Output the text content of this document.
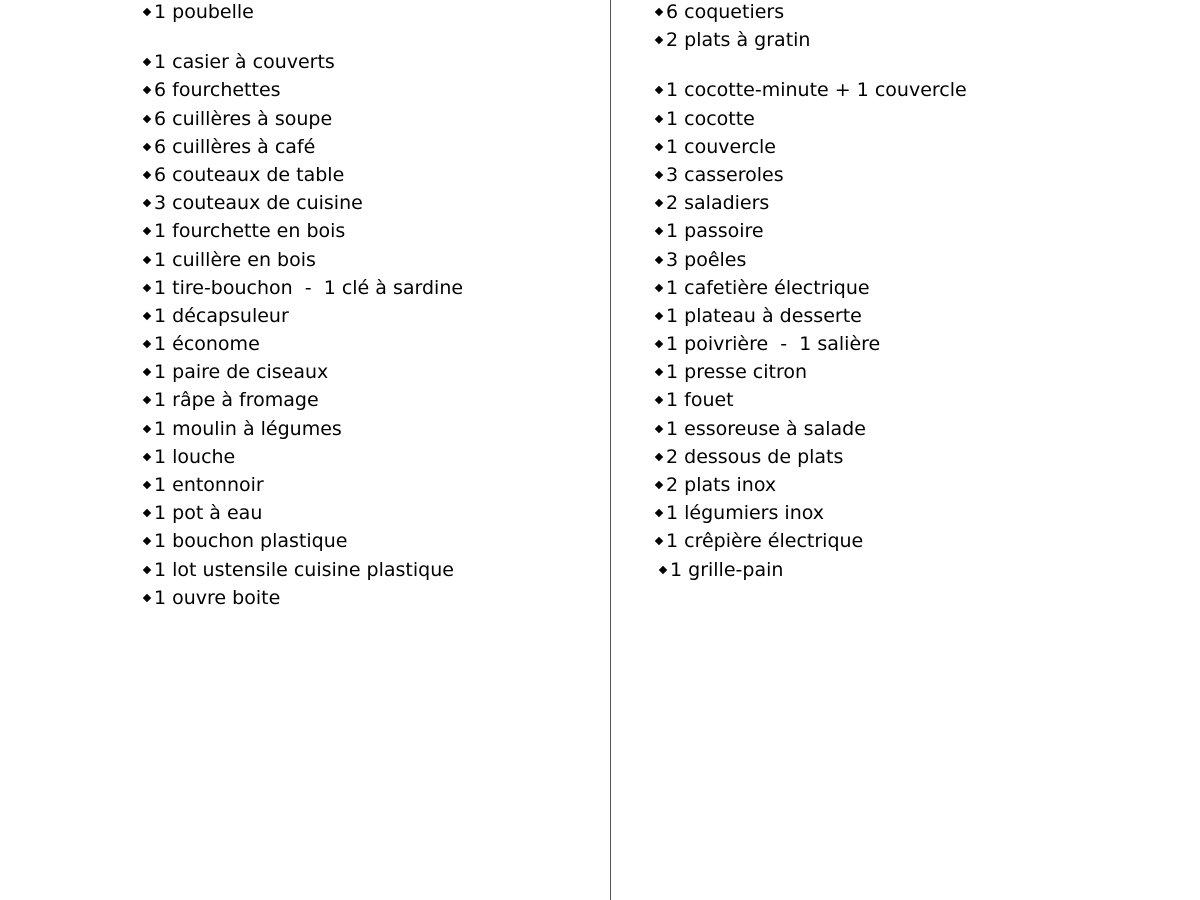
1 poubelle
1 casier à couverts
6 fourchettes
6 cuillères à soupe
6 cuillères à café
6 couteaux de table
3 couteaux de cuisine
1 fourchette en bois
1 cuillère en bois
1 tire-bouchon  -  1 clé à sardine
1 décapsuleur
1 économe
1 paire de ciseaux
1 râpe à fromage
1 moulin à légumes
1 louche
1 entonnoir
1 pot à eau
1 bouchon plastique
1 lot ustensile cuisine plastique
1 ouvre boite
6 coquetiers
2 plats à gratin
1 cocotte-minute + 1 couvercle
1 cocotte
1 couvercle
3 casseroles
2 saladiers
1 passoire
3 poêles
1 cafetière électrique
1 plateau à desserte
1 poivrière  -  1 salière
1 presse citron
1 fouet
1 essoreuse à salade
2 dessous de plats
2 plats inox
1 légumiers inox
1 crêpière électrique
1 grille-pain
